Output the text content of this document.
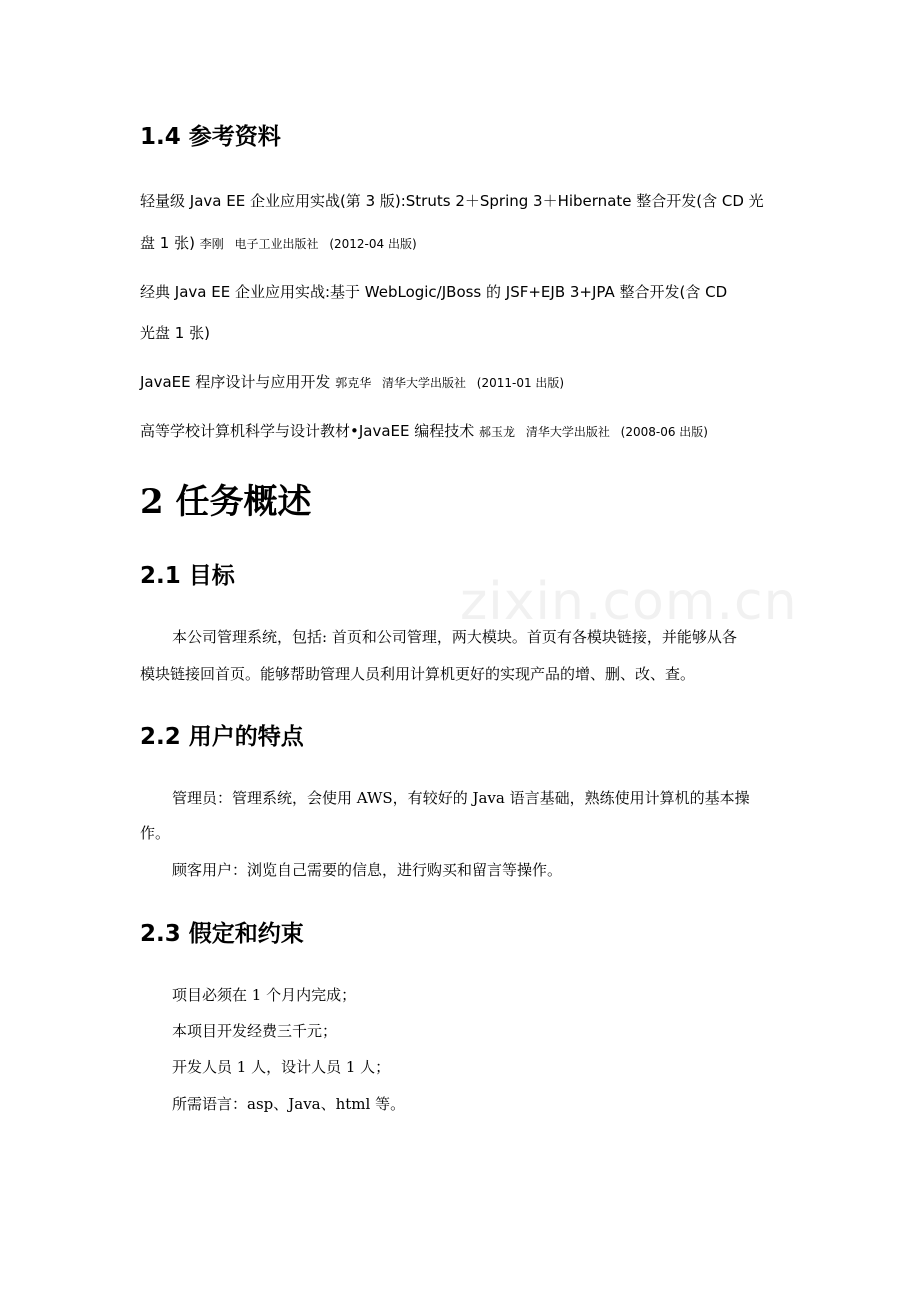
zixin.com.cn
1.4 参考资料
轻量级 Java EE 企业应用实战(第 3 版):Struts 2＋Spring 3＋Hibernate 整合开发(含 CD 光
盘 1 张) 李刚 电子工业出版社 (2012-04 出版)
经典 Java EE 企业应用实战:基于 WebLogic/JBoss 的 JSF+EJB 3+JPA 整合开发(含 CD
光盘 1 张)
JavaEE 程序设计与应用开发 郭克华 清华大学出版社 (2011-01 出版)
高等学校计算机科学与设计教材•JavaEE 编程技术 郝玉龙 清华大学出版社 (2008-06 出版)
2 任务概述
2.1 目标
本公司管理系统，包括: 首页和公司管理，两大模块。首页有各模块链接，并能够从各
模块链接回首页。能够帮助管理人员利用计算机更好的实现产品的增、删、改、查。
2.2 用户的特点
管理员：管理系统，会使用 AWS，有较好的 Java 语言基础，熟练使用计算机的基本操
作。
顾客用户：浏览自己需要的信息，进行购买和留言等操作。
2.3 假定和约束
项目必须在 1 个月内完成；
本项目开发经费三千元；
开发人员 1 人，设计人员 1 人；
所需语言：asp、Java、html 等。
